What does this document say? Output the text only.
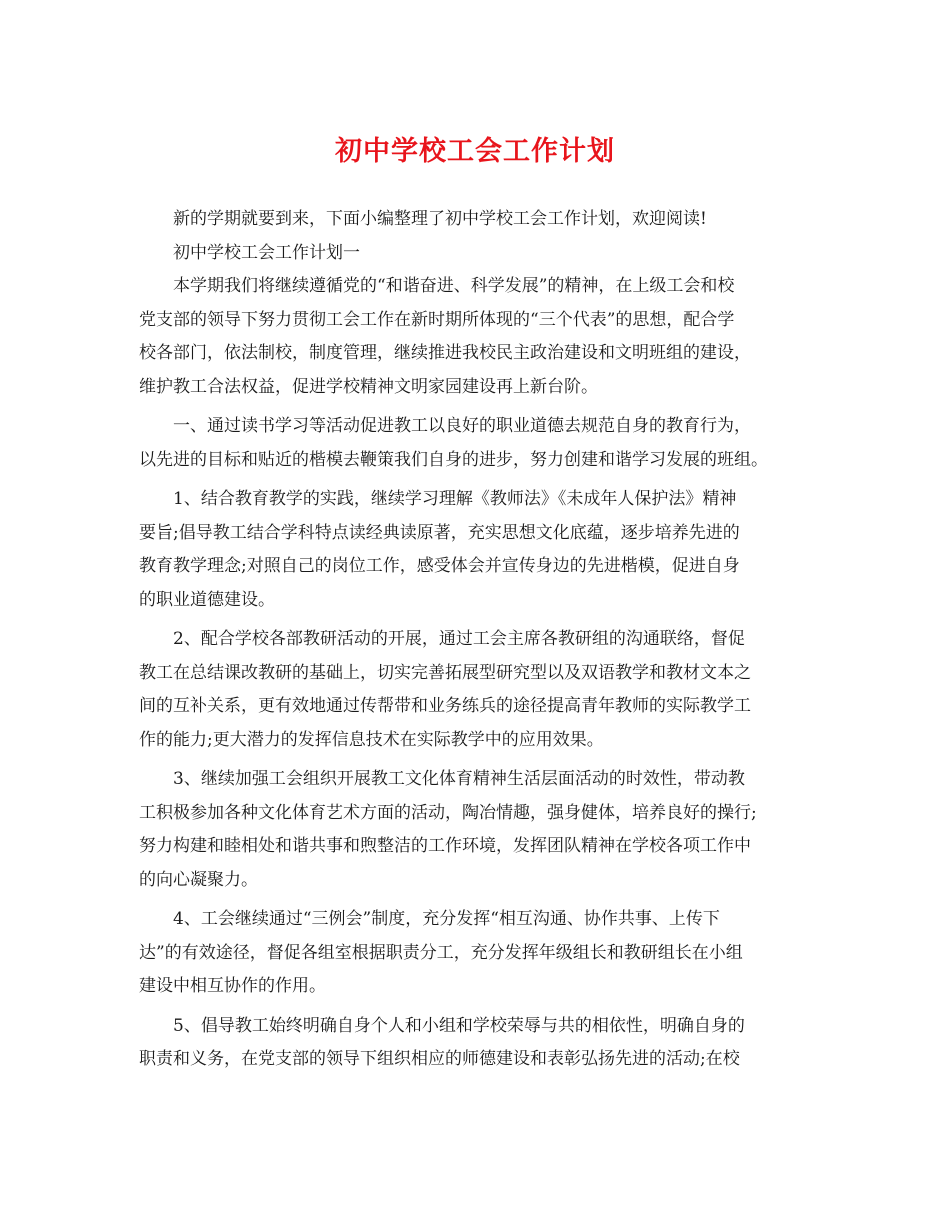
初中学校工会工作计划
新的学期就要到来，下面小编整理了初中学校工会工作计划，欢迎阅读!
初中学校工会工作计划一
本学期我们将继续遵循党的“和谐奋进、科学发展”的精神，在上级工会和校
党支部的领导下努力贯彻工会工作在新时期所体现的“三个代表”的思想，配合学
校各部门，依法制校，制度管理，继续推进我校民主政治建设和文明班组的建设，
维护教工合法权益，促进学校精神文明家园建设再上新台阶。
一、通过读书学习等活动促进教工以良好的职业道德去规范自身的教育行为，
以先进的目标和贴近的楷模去鞭策我们自身的进步，努力创建和谐学习发展的班组。
1、结合教育教学的实践，继续学习理解《教师法》《未成年人保护法》精神
要旨;倡导教工结合学科特点读经典读原著，充实思想文化底蕴，逐步培养先进的
教育教学理念;对照自己的岗位工作，感受体会并宣传身边的先进楷模，促进自身
的职业道德建设。
2、配合学校各部教研活动的开展，通过工会主席各教研组的沟通联络，督促
教工在总结课改教研的基础上，切实完善拓展型研究型以及双语教学和教材文本之
间的互补关系，更有效地通过传帮带和业务练兵的途径提高青年教师的实际教学工
作的能力;更大潜力的发挥信息技术在实际教学中的应用效果。
3、继续加强工会组织开展教工文化体育精神生活层面活动的时效性，带动教
工积极参加各种文化体育艺术方面的活动，陶冶情趣，强身健体，培养良好的操行;
努力构建和睦相处和谐共事和煦整洁的工作环境，发挥团队精神在学校各项工作中
的向心凝聚力。
4、工会继续通过“三例会”制度，充分发挥“相互沟通、协作共事、上传下
达”的有效途径，督促各组室根据职责分工，充分发挥年级组长和教研组长在小组
建设中相互协作的作用。
5、倡导教工始终明确自身个人和小组和学校荣辱与共的相依性，明确自身的
职责和义务，在党支部的领导下组织相应的师德建设和表彰弘扬先进的活动;在校
